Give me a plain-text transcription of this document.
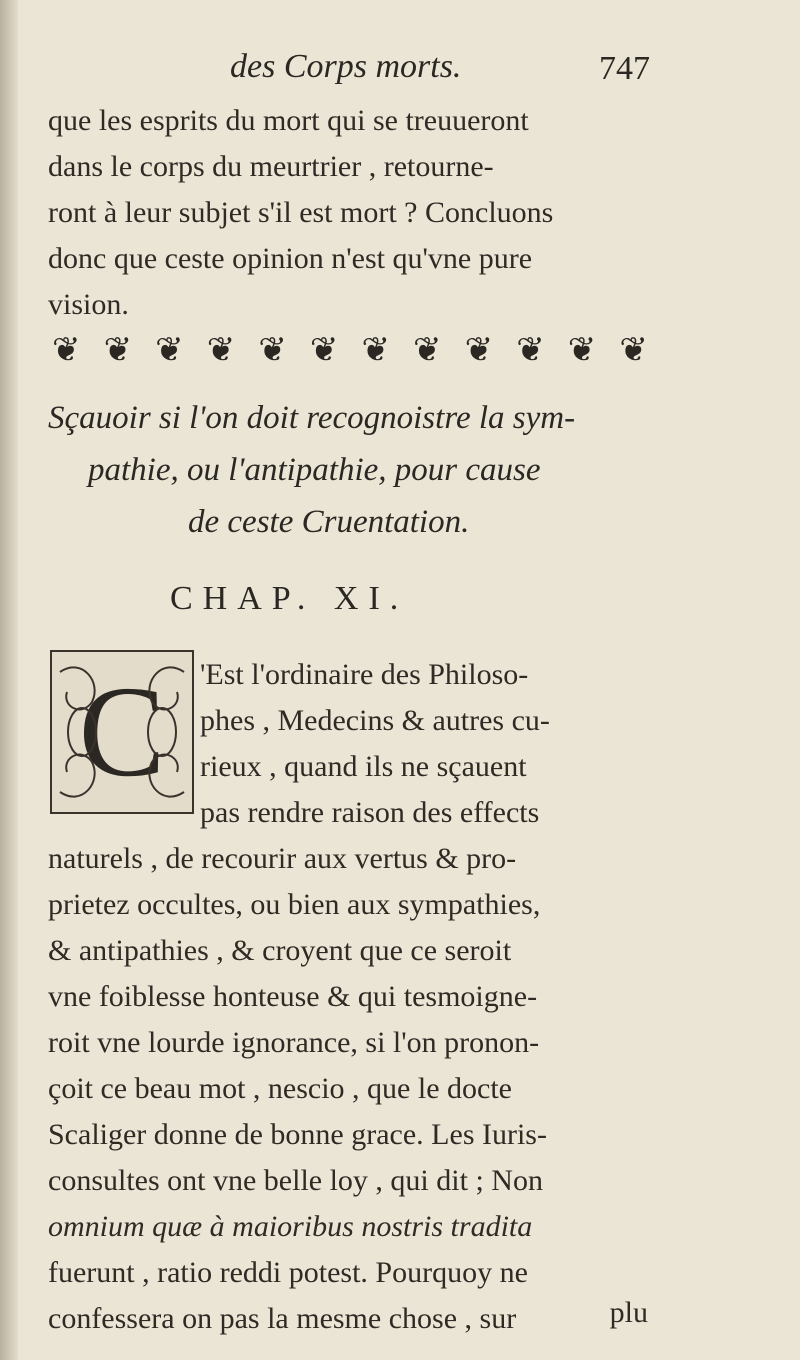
des Corps morts.	747
que les esprits du mort qui se treuueront
dans le corps du meurtrier , retourne-
ront à leur subjet s'il est mort ? Concluons
donc que ceste opinion n'est qu'vne pure
vision.
❦ ❦ ❦ ❦ ❦ ❦ ❦ ❦ ❦ ❦ ❦ ❦
Sçauoir si l'on doit recognoistre la sym-
pathie, ou l'antipathie, pour cause
de ceste Cruentation.
CHAP. XI.
C 'Est l'ordinaire des Philoso-
phes , Medecins & autres cu-
rieux , quand ils ne sçauent
pas rendre raison des effects
naturels , de recourir aux vertus & pro-
prietez occultes, ou bien aux sympathies,
& antipathies , & croyent que ce seroit
vne foiblesse honteuse & qui tesmoigne-
roit vne lourde ignorance, si l'on pronon-
çoit ce beau mot , nescio , que le docte
Scaliger donne de bonne grace. Les Iuris-
consultes ont vne belle loy , qui dit ; Non
omnium quæ à maioribus nostris tradita
fuerunt , ratio reddi potest. Pourquoy ne
confessera on pas la mesme chose , sur	plu
